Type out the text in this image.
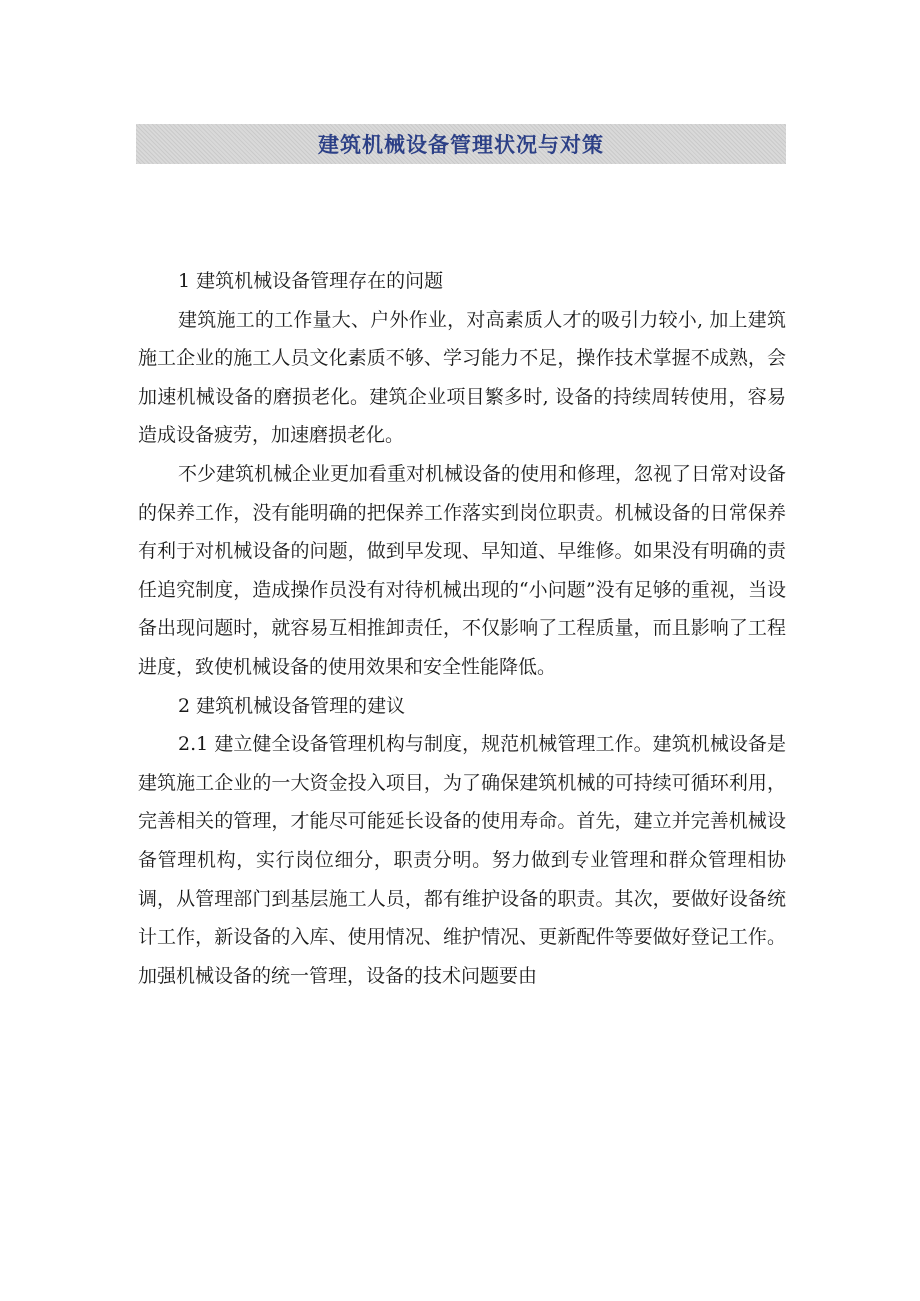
建筑机械设备管理状况与对策

1 建筑机械设备管理存在的问题

建筑施工的工作量大、户外作业，对高素质人才的吸引力较小, 加上建筑施工企业的施工人员文化素质不够、学习能力不足，操作技术掌握不成熟，会加速机械设备的磨损老化。建筑企业项目繁多时, 设备的持续周转使用，容易造成设备疲劳，加速磨损老化。

不少建筑机械企业更加看重对机械设备的使用和修理，忽视了日常对设备的保养工作，没有能明确的把保养工作落实到岗位职责。机械设备的日常保养有利于对机械设备的问题，做到早发现、早知道、早维修。如果没有明确的责任追究制度，造成操作员没有对待机械出现的“小问题”没有足够的重视，当设备出现问题时，就容易互相推卸责任，不仅影响了工程质量，而且影响了工程进度，致使机械设备的使用效果和安全性能降低。

2 建筑机械设备管理的建议

2.1 建立健全设备管理机构与制度，规范机械管理工作。建筑机械设备是建筑施工企业的一大资金投入项目，为了确保建筑机械的可持续可循环利用，完善相关的管理，才能尽可能延长设备的使用寿命。首先，建立并完善机械设备管理机构，实行岗位细分，职责分明。努力做到专业管理和群众管理相协调，从管理部门到基层施工人员，都有维护设备的职责。其次，要做好设备统计工作，新设备的入库、使用情况、维护情况、更新配件等要做好登记工作。加强机械设备的统一管理，设备的技术问题要由
